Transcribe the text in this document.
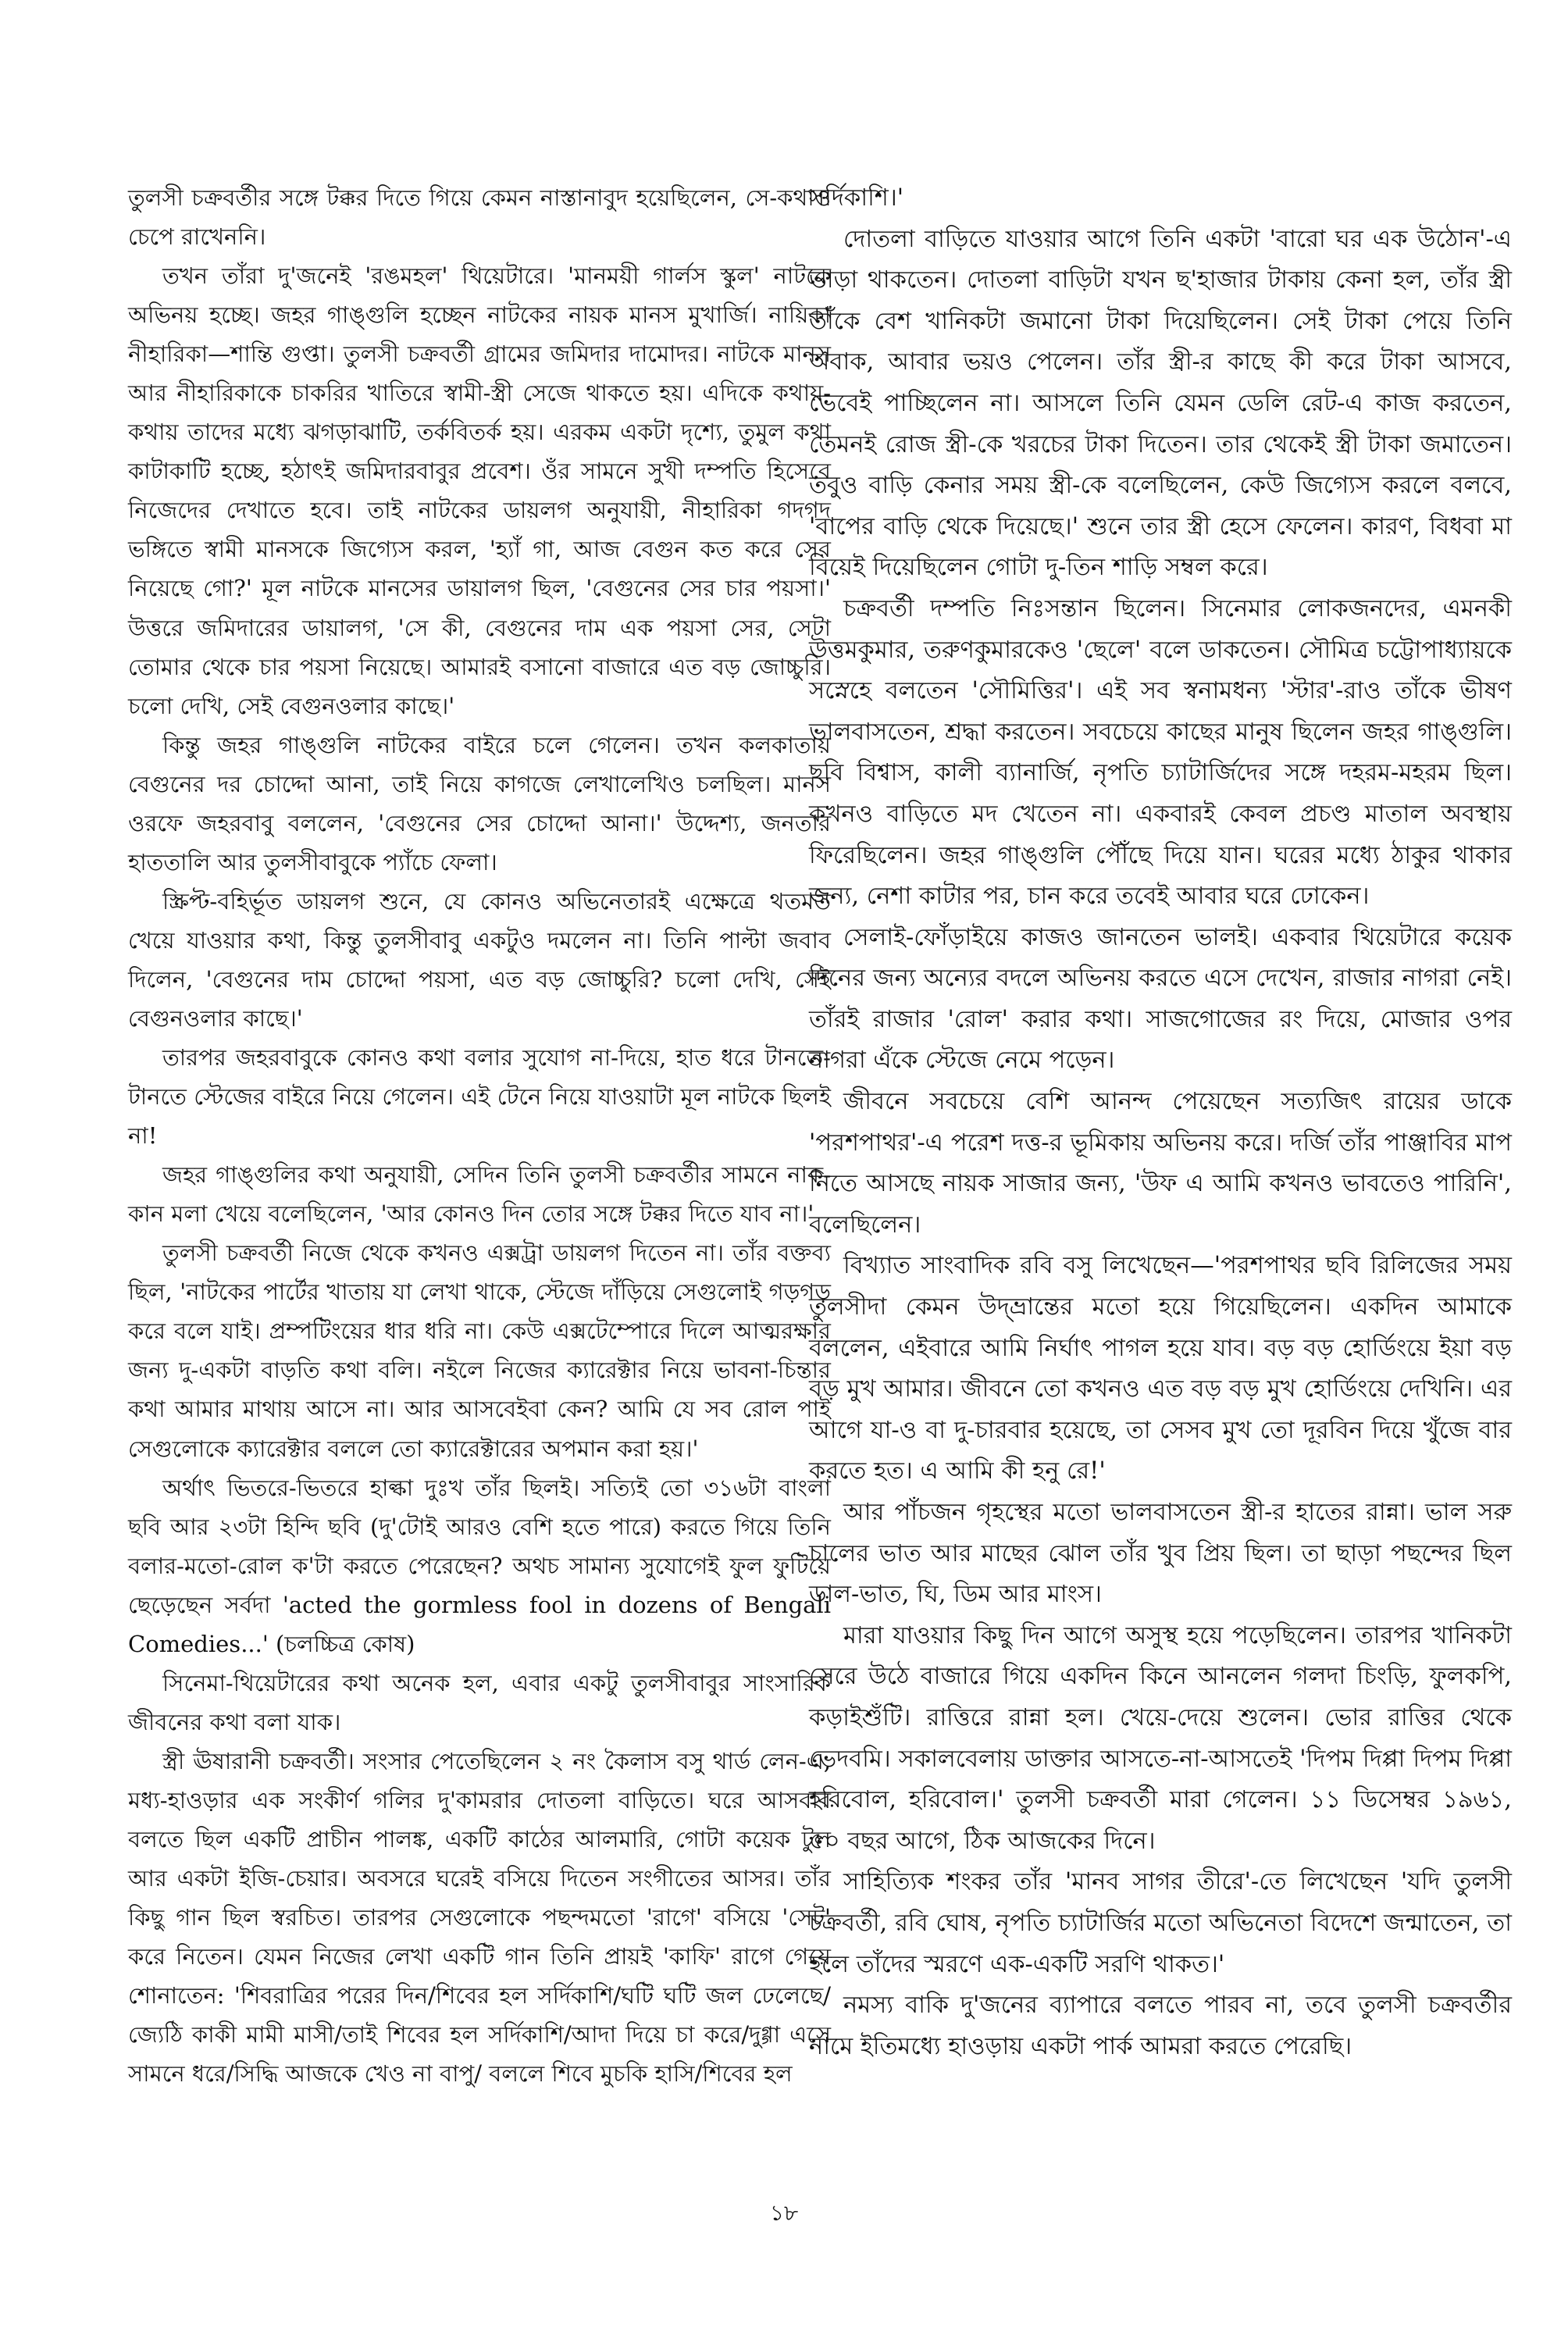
তুলসী চক্রবর্তীর সঙ্গে টক্কর দিতে গিয়ে কেমন নাস্তানাবুদ হয়েছিলেন, সে-কথাও চেপে রাখেননি।

তখন তাঁরা দু'জনেই 'রঙমহল' থিয়েটারে। 'মানময়ী গার্লস স্কুল' নাটকে অভিনয় হচ্ছে। জহর গাঙ্গুলি হচ্ছেন নাটকের নায়ক মানস মুখার্জি। নায়িকা নীহারিকা—শান্তি গুপ্তা। তুলসী চক্রবর্তী গ্রামের জমিদার দামোদর। নাটকে মানস আর নীহারিকাকে চাকরির খাতিরে স্বামী-স্ত্রী সেজে থাকতে হয়। এদিকে কথায়-কথায় তাদের মধ্যে ঝগড়াঝাটি, তর্কবিতর্ক হয়। এরকম একটা দৃশ্যে, তুমুল কথা কাটাকাটি হচ্ছে, হঠাৎই জমিদারবাবুর প্রবেশ। ওঁর সামনে সুখী দম্পতি হিসেবে নিজেদের দেখাতে হবে। তাই নাটকের ডায়লগ অনুযায়ী, নীহারিকা গদগদ ভঙ্গিতে স্বামী মানসকে জিগ্যেস করল, 'হ্যাঁ গা, আজ বেগুন কত করে সের নিয়েছে গো?' মূল নাটকে মানসের ডায়ালগ ছিল, 'বেগুনের সের চার পয়সা।' উত্তরে জমিদারের ডায়ালগ, 'সে কী, বেগুনের দাম এক পয়সা সের, সেটা তোমার থেকে চার পয়সা নিয়েছে। আমারই বসানো বাজারে এত বড় জোচ্চুরি। চলো দেখি, সেই বেগুনওলার কাছে।'

কিন্তু জহর গাঙ্গুলি নাটকের বাইরে চলে গেলেন। তখন কলকাতায় বেগুনের দর চোদ্দো আনা, তাই নিয়ে কাগজে লেখালেখিও চলছিল। মানস ওরফে জহরবাবু বললেন, 'বেগুনের সের চোদ্দো আনা।' উদ্দেশ্য, জনতার হাততালি আর তুলসীবাবুকে প্যাঁচে ফেলা।

স্ক্রিপ্ট-বহির্ভূত ডায়লগ শুনে, যে কোনও অভিনেতারই এক্ষেত্রে থতমত খেয়ে যাওয়ার কথা, কিন্তু তুলসীবাবু একটুও দমলেন না। তিনি পাল্টা জবাব দিলেন, 'বেগুনের দাম চোদ্দো পয়সা, এত বড় জোচ্চুরি? চলো দেখি, সেই বেগুনওলার কাছে।'

তারপর জহরবাবুকে কোনও কথা বলার সুযোগ না-দিয়ে, হাত ধরে টানতে-টানতে স্টেজের বাইরে নিয়ে গেলেন। এই টেনে নিয়ে যাওয়াটা মূল নাটকে ছিলই না!

জহর গাঙ্গুলির কথা অনুযায়ী, সেদিন তিনি তুলসী চক্রবর্তীর সামনে নাক-কান মলা খেয়ে বলেছিলেন, 'আর কোনও দিন তোর সঙ্গে টক্কর দিতে যাব না।'

তুলসী চক্রবর্তী নিজে থেকে কখনও এক্সট্রা ডায়লগ দিতেন না। তাঁর বক্তব্য ছিল, 'নাটকের পার্টের খাতায় যা লেখা থাকে, স্টেজে দাঁড়িয়ে সেগুলোই গড়গড় করে বলে যাই। প্রম্পটিংয়ের ধার ধরি না। কেউ এক্সটেম্পোরে দিলে আত্মরক্ষার জন্য দু-একটা বাড়তি কথা বলি। নইলে নিজের ক্যারেক্টার নিয়ে ভাবনা-চিন্তার কথা আমার মাথায় আসে না। আর আসবেইবা কেন? আমি যে সব রোল পাই সেগুলোকে ক্যারেক্টার বললে তো ক্যারেক্টারের অপমান করা হয়।'

অর্থাৎ ভিতরে-ভিতরে হাল্কা দুঃখ তাঁর ছিলই। সত্যিই তো ৩১৬টা বাংলা ছবি আর ২৩টা হিন্দি ছবি (দু'টোই আরও বেশি হতে পারে) করতে গিয়ে তিনি বলার-মতো-রোল ক'টা করতে পেরেছেন? অথচ সামান্য সুযোগেই ফুল ফুটিয়ে ছেড়েছেন সর্বদা 'acted the gormless fool in dozens of Bengali Comedies...' (চলচ্চিত্র কোষ)

সিনেমা-থিয়েটারের কথা অনেক হল, এবার একটু তুলসীবাবুর সাংসারিক জীবনের কথা বলা যাক।

স্ত্রী ঊষারানী চক্রবর্তী। সংসার পেতেছিলেন ২ নং কৈলাস বসু থার্ড লেন-এ, মধ্য-হাওড়ার এক সংকীর্ণ গলির দু'কামরার দোতলা বাড়িতে। ঘরে আসবাব বলতে ছিল একটি প্রাচীন পালঙ্ক, একটি কাঠের আলমারি, গোটা কয়েক টুল আর একটা ইজি-চেয়ার। অবসরে ঘরেই বসিয়ে দিতেন সংগীতের আসর। তাঁর কিছু গান ছিল স্বরচিত। তারপর সেগুলোকে পছন্দমতো 'রাগে' বসিয়ে 'সেট' করে নিতেন। যেমন নিজের লেখা একটি গান তিনি প্রায়ই 'কাফি' রাগে গেয়ে শোনাতেন: 'শিবরাত্রির পরের দিন/শিবের হল সর্দিকাশি/ঘটি ঘটি জল ঢেলেছে/ জ্যেঠি কাকী মামী মাসী/তাই শিবের হল সর্দিকাশি/আদা দিয়ে চা করে/দুগ্গা এসে সামনে ধরে/সিদ্ধি আজকে খেও না বাপু/ বললে শিবে মুচকি হাসি/শিবের হল

সর্দিকাশি।'

দোতলা বাড়িতে যাওয়ার আগে তিনি একটা 'বারো ঘর এক উঠোন'-এ ভাড়া থাকতেন। দোতলা বাড়িটা যখন ছ'হাজার টাকায় কেনা হল, তাঁর স্ত্রী তাঁকে বেশ খানিকটা জমানো টাকা দিয়েছিলেন। সেই টাকা পেয়ে তিনি অবাক, আবার ভয়ও পেলেন। তাঁর স্ত্রী-র কাছে কী করে টাকা আসবে, ভেবেই পাচ্ছিলেন না। আসলে তিনি যেমন ডেলি রেট-এ কাজ করতেন, তেমনই রোজ স্ত্রী-কে খরচের টাকা দিতেন। তার থেকেই স্ত্রী টাকা জমাতেন। তবুও বাড়ি কেনার সময় স্ত্রী-কে বলেছিলেন, কেউ জিগ্যেস করলে বলবে, 'বাপের বাড়ি থেকে দিয়েছে।' শুনে তার স্ত্রী হেসে ফেলেন। কারণ, বিধবা মা বিয়েই দিয়েছিলেন গোটা দু-তিন শাড়ি সম্বল করে।

চক্রবর্তী দম্পতি নিঃসন্তান ছিলেন। সিনেমার লোকজনদের, এমনকী উত্তমকুমার, তরুণকুমারকেও 'ছেলে' বলে ডাকতেন। সৌমিত্র চট্টোপাধ্যায়কে সস্নেহে বলতেন 'সৌমিত্তির'। এই সব স্বনামধন্য 'স্টার'-রাও তাঁকে ভীষণ ভালবাসতেন, শ্রদ্ধা করতেন। সবচেয়ে কাছের মানুষ ছিলেন জহর গাঙ্গুলি। ছবি বিশ্বাস, কালী ব্যানার্জি, নৃপতি চ্যাটার্জিদের সঙ্গে দহরম-মহরম ছিল। কখনও বাড়িতে মদ খেতেন না। একবারই কেবল প্রচণ্ড মাতাল অবস্থায় ফিরেছিলেন। জহর গাঙ্গুলি পৌঁছে দিয়ে যান। ঘরের মধ্যে ঠাকুর থাকার জন্য, নেশা কাটার পর, চান করে তবেই আবার ঘরে ঢোকেন।

সেলাই-ফোঁড়াইয়ে কাজও জানতেন ভালই। একবার থিয়েটারে কয়েক দিনের জন্য অন্যের বদলে অভিনয় করতে এসে দেখেন, রাজার নাগরা নেই। তাঁরই রাজার 'রোল' করার কথা। সাজগোজের রং দিয়ে, মোজার ওপর নাগরা এঁকে স্টেজে নেমে পড়েন।

জীবনে সবচেয়ে বেশি আনন্দ পেয়েছেন সত্যজিৎ রায়ের ডাকে 'পরশপাথর'-এ পরেশ দত্ত-র ভূমিকায় অভিনয় করে। দর্জি তাঁর পাঞ্জাবির মাপ নিতে আসছে নায়ক সাজার জন্য, 'উফ এ আমি কখনও ভাবতেও পারিনি', বলেছিলেন।

বিখ্যাত সাংবাদিক রবি বসু লিখেছেন—'পরশপাথর ছবি রিলিজের সময় তুলসীদা কেমন উদ্‌ভ্রান্তের মতো হয়ে গিয়েছিলেন। একদিন আমাকে বললেন, এইবারে আমি নির্ঘাৎ পাগল হয়ে যাব। বড় বড় হোর্ডিংয়ে ইয়া বড় বড় মুখ আমার। জীবনে তো কখনও এত বড় বড় মুখ হোর্ডিংয়ে দেখিনি। এর আগে যা-ও বা দু-চারবার হয়েছে, তা সেসব মুখ তো দূরবিন দিয়ে খুঁজে বার করতে হত। এ আমি কী হনু রে!'

আর পাঁচজন গৃহস্থের মতো ভালবাসতেন স্ত্রী-র হাতের রান্না। ভাল সরু চালের ভাত আর মাছের ঝোল তাঁর খুব প্রিয় ছিল। তা ছাড়া পছন্দের ছিল ডাল-ভাত, ঘি, ডিম আর মাংস।

মারা যাওয়ার কিছু দিন আগে অসুস্থ হয়ে পড়েছিলেন। তারপর খানিকটা সেরে উঠে বাজারে গিয়ে একদিন কিনে আনলেন গলদা চিংড়ি, ফুলকপি, কড়াইশুঁটি। রাত্তিরে রান্না হল। খেয়ে-দেয়ে শুলেন। ভোর রাত্তির থেকে ভেদবমি। সকালবেলায় ডাক্তার আসতে-না-আসতেই 'দিপম দিপ্পা দিপম দিপ্পা হরিবোল, হরিবোল।' তুলসী চক্রবর্তী মারা গেলেন। ১১ ডিসেম্বর ১৯৬১, ৫০ বছর আগে, ঠিক আজকের দিনে।

সাহিত্যিক শংকর তাঁর 'মানব সাগর তীরে'-তে লিখেছেন 'যদি তুলসী চক্রবর্তী, রবি ঘোষ, নৃপতি চ্যাটার্জির মতো অভিনেতা বিদেশে জন্মাতেন, তা হলে তাঁদের স্মরণে এক-একটি সরণি থাকত।'

নমস্য বাকি দু'জনের ব্যাপারে বলতে পারব না, তবে তুলসী চক্রবর্তীর নামে ইতিমধ্যে হাওড়ায় একটা পার্ক আমরা করতে পেরেছি।

১৮
